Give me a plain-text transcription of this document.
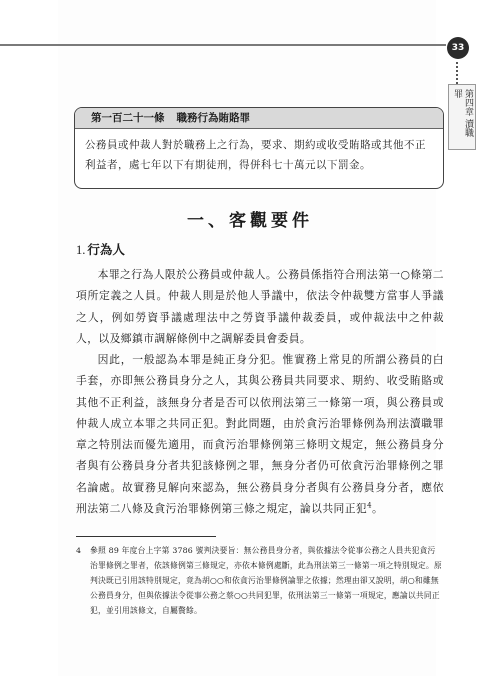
33
第四章 瀆職罪
第一百二十一條 職務行為賄賂罪
公務員或仲裁人對於職務上之行為，要求、期約或收受賄賂或其他不正利益者，處七年以下有期徒刑，得併科七十萬元以下罰金。
一、客觀要件
1. 行為人
本罪之行為人限於公務員或仲裁人。公務員係指符合刑法第一○條第二項所定義之人員。仲裁人則是於他人爭議中，依法令仲裁雙方當事人爭議之人，例如勞資爭議處理法中之勞資爭議仲裁委員，或仲裁法中之仲裁人，以及鄉鎮市調解條例中之調解委員會委員。
因此，一般認為本罪是純正身分犯。惟實務上常見的所謂公務員的白手套，亦即無公務員身分之人，其與公務員共同要求、期約、收受賄賂或其他不正利益，該無身分者是否可以依刑法第三一條第一項，與公務員或仲裁人成立本罪之共同正犯。對此問題，由於貪污治罪條例為刑法瀆職罪章之特別法而優先適用，而貪污治罪條例第三條明文規定，無公務員身分者與有公務員身分者共犯該條例之罪，無身分者仍可依貪污治罪條例之罪名論處。故實務見解向來認為，無公務員身分者與有公務員身分者，應依刑法第二八條及貪污治罪條例第三條之規定，論以共同正犯$^4$。
4 參照 89 年度台上字第 3786 號判決要旨：無公務員身分者，與依據法令從事公務之人員共犯貪污治罪條例之罪者，依該條例第三條規定，亦依本條例處斷，此為刑法第三一條第一項之特別規定。原判決既已引用該特別規定，竟為胡○○和依貪污治罪條例論罪之依據；然理由卻又說明，胡○和雖無公務員身分，但與依據法令從事公務之蔡○○共同犯罪，依刑法第三一條第一項規定，應論以共同正犯，並引用該條文，自屬贅餘。
